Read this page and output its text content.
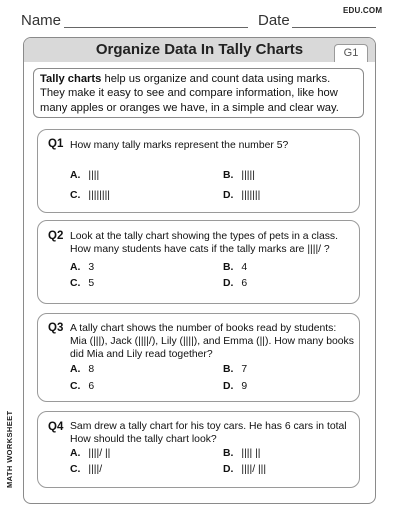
Name	Date
EDU.COM
Organize Data In Tally Charts	G1
Tally charts help us organize and count data using marks. They make it easy to see and compare information, like how many apples or oranges we have, in a simple and clear way.
Q1 How many tally marks represent the number 5?
A. ||||	B. |||||
C. ||||||||	D. |||||||
Q2 Look at the tally chart showing the types of pets in a class. How many students have cats if the tally marks are ||||/ ?
A. 3	B. 4
C. 5	D. 6
Q3 A tally chart shows the number of books read by students: Mia (|||), Jack (||||/), Lily (||||), and Emma (||). How many books did Mia and Lily read together?
A. 8	B. 7
C. 6	D. 9
Q4 Sam drew a tally chart for his toy cars. He has 6 cars in total How should the tally chart look?
A. ||||/ ||	B. |||| ||
C. ||||/	D. ||||/ |||
MATH WORKSHEET
